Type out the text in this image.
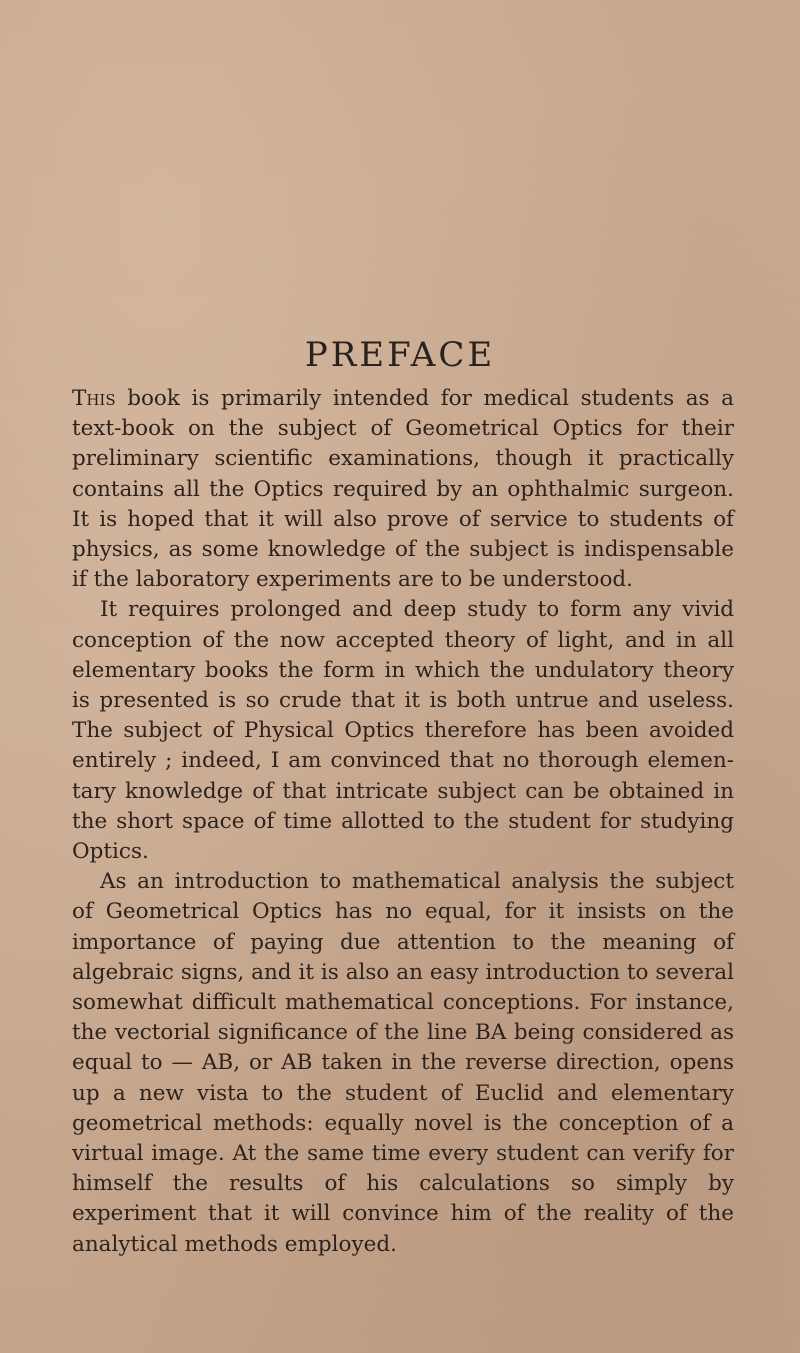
PREFACE

This book is primarily intended for medical students as a text-book on the subject of Geometrical Optics for their preliminary scientific examinations, though it practically contains all the Optics required by an ophthalmic surgeon. It is hoped that it will also prove of service to students of physics, as some knowledge of the subject is indispensable if the laboratory experiments are to be understood.

It requires prolonged and deep study to form any vivid conception of the now accepted theory of light, and in all elementary books the form in which the undulatory theory is presented is so crude that it is both untrue and useless. The subject of Physical Optics therefore has been avoided entirely ; indeed, I am convinced that no thorough elemen-tary knowledge of that intricate subject can be obtained in the short space of time allotted to the student for studying Optics.

As an introduction to mathematical analysis the subject of Geometrical Optics has no equal, for it insists on the importance of paying due attention to the meaning of algebraic signs, and it is also an easy introduction to several somewhat difficult mathematical conceptions. For instance, the vectorial significance of the line BA being considered as equal to — AB, or AB taken in the reverse direction, opens up a new vista to the student of Euclid and elementary geometrical methods: equally novel is the conception of a virtual image. At the same time every student can verify for himself the results of his calculations so simply by experiment that it will convince him of the reality of the analytical methods employed.
